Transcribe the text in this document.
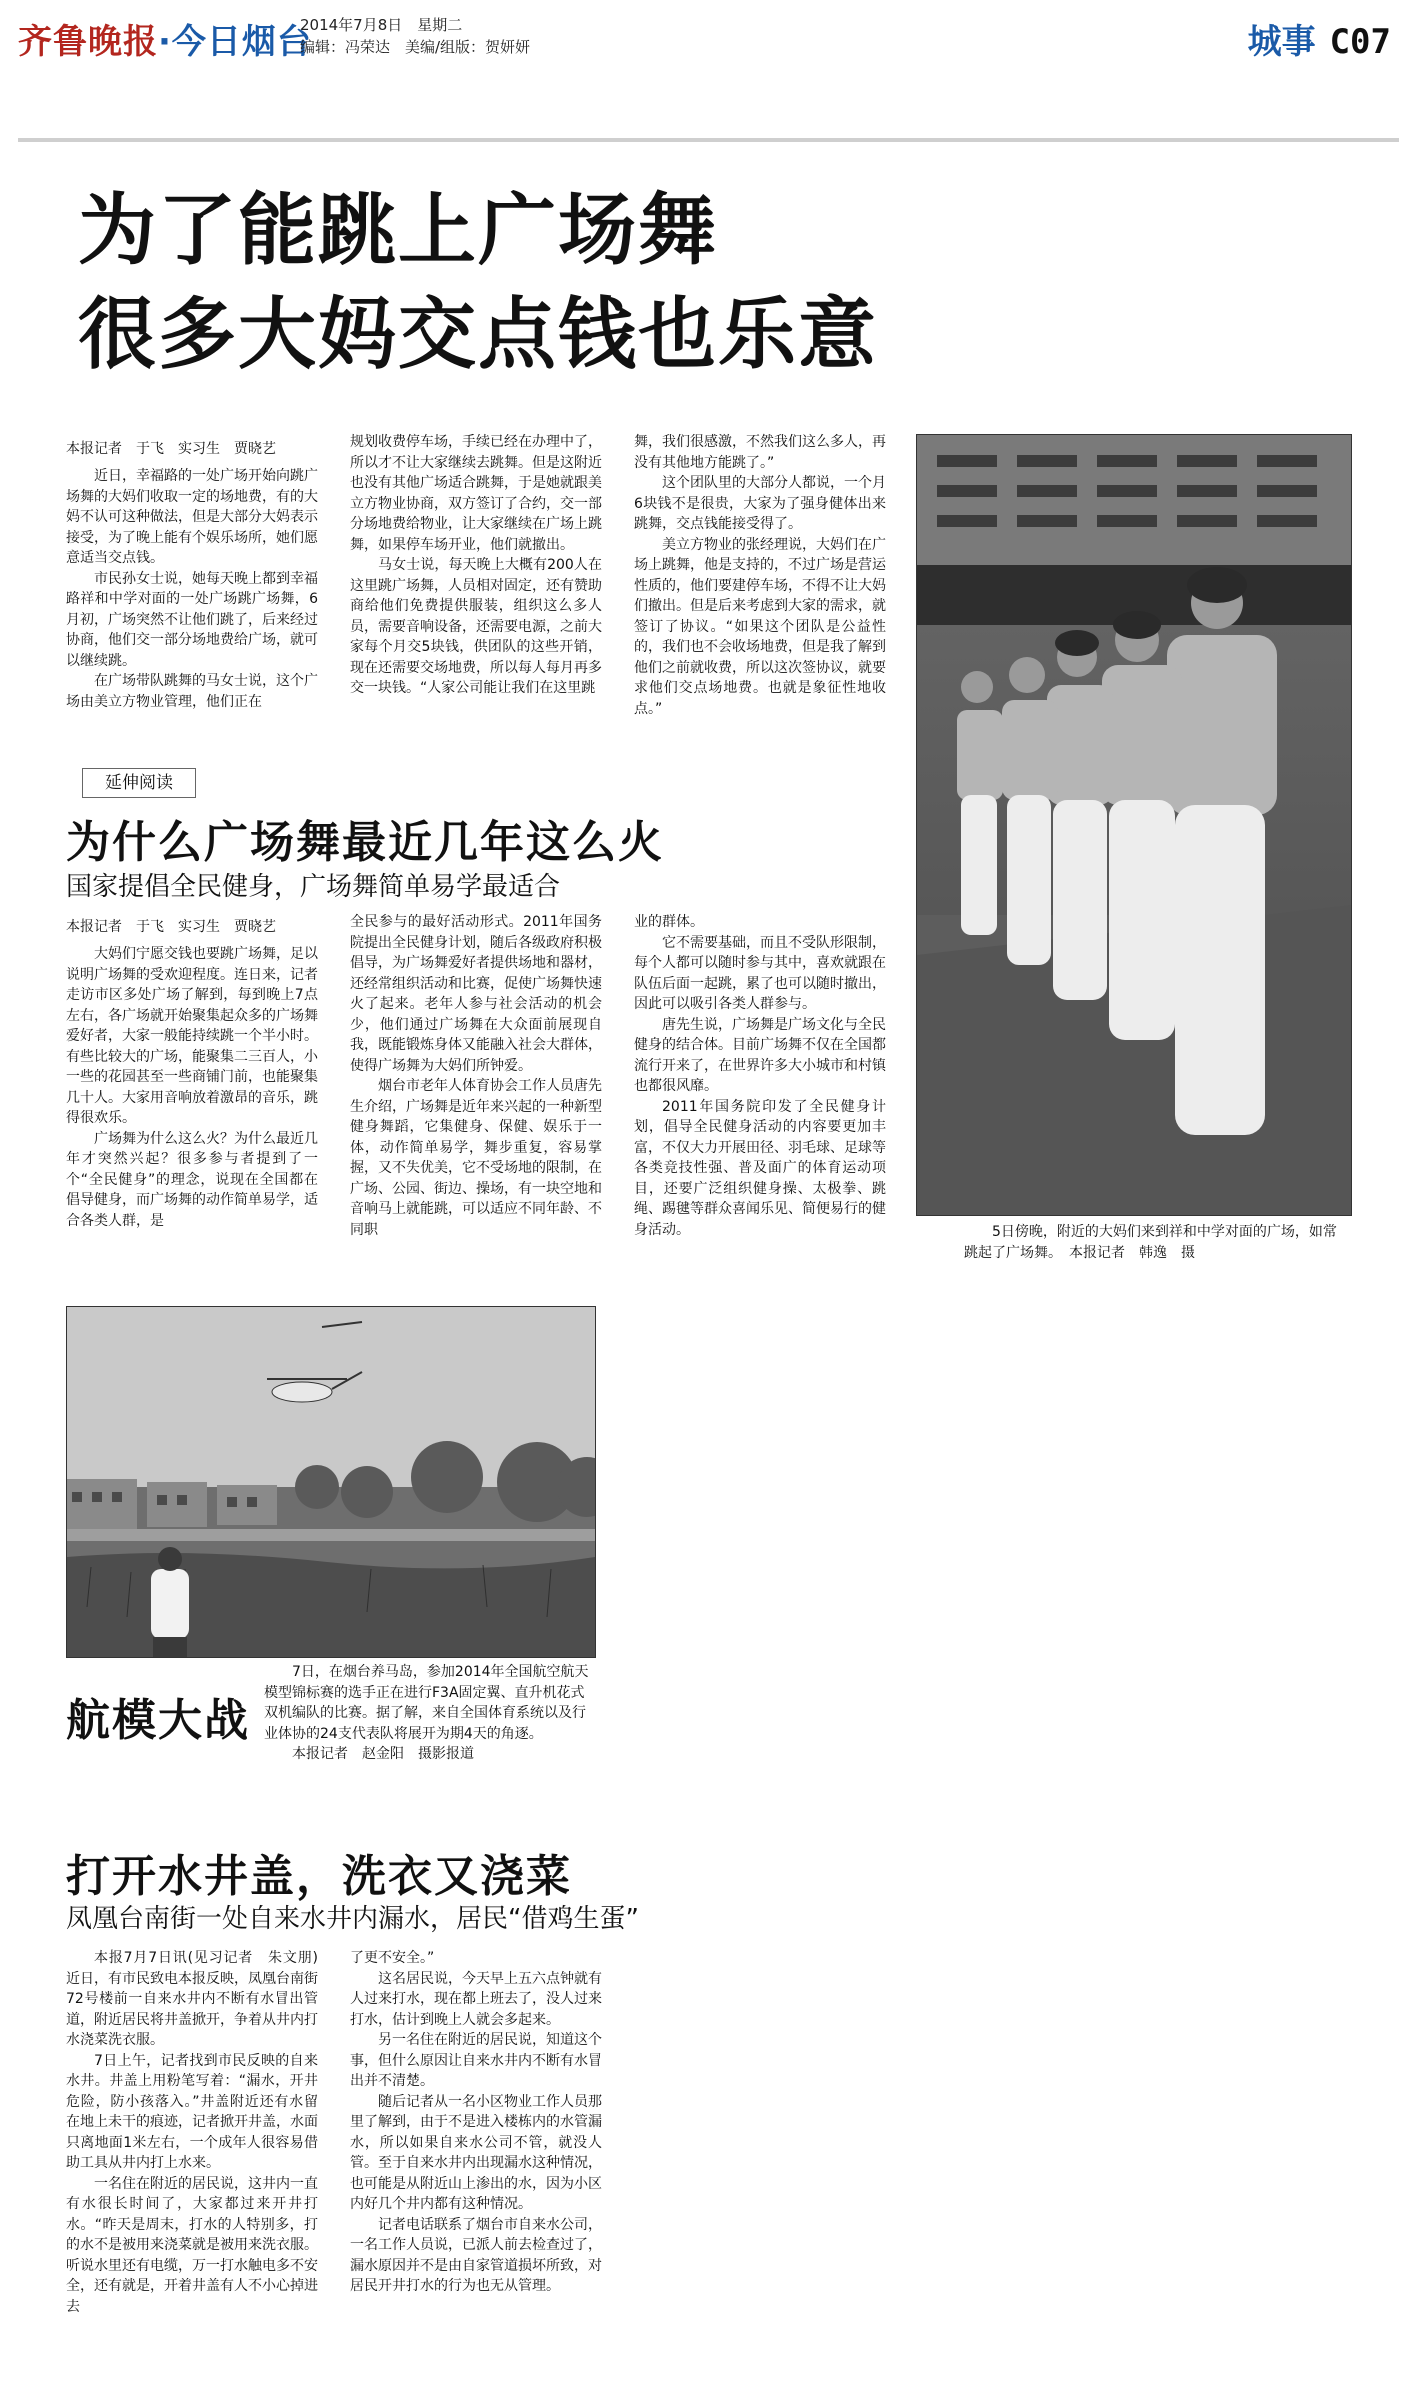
齐鲁晚报·今日烟台
2014年7月8日　星期二
编辑：冯荣达　美编/组版：贺妍妍	城事 C07
为了能跳上广场舞
很多大妈交点钱也乐意
本报记者　于飞　实习生　贾晓艺

近日，幸福路的一处广场开始向跳广场舞的大妈们收取一定的场地费，有的大妈不认可这种做法，但是大部分大妈表示接受，为了晚上能有个娱乐场所，她们愿意适当交点钱。

市民孙女士说，她每天晚上都到幸福路祥和中学对面的一处广场跳广场舞，6月初，广场突然不让他们跳了，后来经过协商，他们交一部分场地费给广场，就可以继续跳。

在广场带队跳舞的马女士说，这个广场由美立方物业管理，他们正在

规划收费停车场，手续已经在办理中了，所以才不让大家继续去跳舞。但是这附近也没有其他广场适合跳舞，于是她就跟美立方物业协商，双方签订了合约，交一部分场地费给物业，让大家继续在广场上跳舞，如果停车场开业，他们就撤出。

马女士说，每天晚上大概有200人在这里跳广场舞，人员相对固定，还有赞助商给他们免费提供服装，组织这么多人员，需要音响设备，还需要电源，之前大家每个月交5块钱，供团队的这些开销，现在还需要交场地费，所以每人每月再多交一块钱。“人家公司能让我们在这里跳

舞，我们很感激，不然我们这么多人，再没有其他地方能跳了。”

这个团队里的大部分人都说，一个月6块钱不是很贵，大家为了强身健体出来跳舞，交点钱能接受得了。

美立方物业的张经理说，大妈们在广场上跳舞，他是支持的，不过广场是营运性质的，他们要建停车场，不得不让大妈们撤出。但是后来考虑到大家的需求，就签订了协议。“如果这个团队是公益性的，我们也不会收场地费，但是我了解到他们之前就收费，所以这次签协议，就要求他们交点场地费。也就是象征性地收点。”

5日傍晚，附近的大妈们来到祥和中学对面的广场，如常跳起了广场舞。　本报记者　韩逸　摄

延伸阅读
为什么广场舞最近几年这么火
国家提倡全民健身，广场舞简单易学最适合
本报记者　于飞　实习生　贾晓艺

大妈们宁愿交钱也要跳广场舞，足以说明广场舞的受欢迎程度。连日来，记者走访市区多处广场了解到，每到晚上7点左右，各广场就开始聚集起众多的广场舞爱好者，大家一般能持续跳一个半小时。有些比较大的广场，能聚集二三百人，小一些的花园甚至一些商铺门前，也能聚集几十人。大家用音响放着激昂的音乐，跳得很欢乐。

广场舞为什么这么火？为什么最近几年才突然兴起？很多参与者提到了一个“全民健身”的理念，说现在全国都在倡导健身，而广场舞的动作简单易学，适合各类人群，是

全民参与的最好活动形式。2011年国务院提出全民健身计划，随后各级政府积极倡导，为广场舞爱好者提供场地和器材，还经常组织活动和比赛，促使广场舞快速火了起来。老年人参与社会活动的机会少，他们通过广场舞在大众面前展现自我，既能锻炼身体又能融入社会大群体，使得广场舞为大妈们所钟爱。

烟台市老年人体育协会工作人员唐先生介绍，广场舞是近年来兴起的一种新型健身舞蹈，它集健身、保健、娱乐于一体，动作简单易学，舞步重复，容易掌握，又不失优美，它不受场地的限制，在广场、公园、街边、操场，有一块空地和音响马上就能跳，可以适应不同年龄、不同职

业的群体。

它不需要基础，而且不受队形限制，每个人都可以随时参与其中，喜欢就跟在队伍后面一起跳，累了也可以随时撤出，因此可以吸引各类人群参与。

唐先生说，广场舞是广场文化与全民健身的结合体。目前广场舞不仅在全国都流行开来了，在世界许多大小城市和村镇也都很风靡。

2011年国务院印发了全民健身计划，倡导全民健身活动的内容要更加丰富，不仅大力开展田径、羽毛球、足球等各类竞技性强、普及面广的体育运动项目，还要广泛组织健身操、太极拳、跳绳、踢毽等群众喜闻乐见、简便易行的健身活动。

航模大战

7日，在烟台养马岛，参加2014年全国航空航天模型锦标赛的选手正在进行F3A固定翼、直升机花式双机编队的比赛。据了解，来自全国体育系统以及行业体协的24支代表队将展开为期4天的角逐。

本报记者　赵金阳　摄影报道

打开水井盖，洗衣又浇菜
凤凰台南街一处自来水井内漏水，居民“借鸡生蛋”

本报7月7日讯(见习记者　朱文朋)　近日，有市民致电本报反映，凤凰台南街72号楼前一自来水井内不断有水冒出管道，附近居民将井盖掀开，争着从井内打水浇菜洗衣服。

7日上午，记者找到市民反映的自来水井。井盖上用粉笔写着：“漏水，开井危险，防小孩落入。”井盖附近还有水留在地上未干的痕迹，记者掀开井盖，水面只离地面1米左右，一个成年人很容易借助工具从井内打上水来。

一名住在附近的居民说，这井内一直有水很长时间了，大家都过来开井打水。“昨天是周末，打水的人特别多，打的水不是被用来浇菜就是被用来洗衣服。听说水里还有电缆，万一打水触电多不安全，还有就是，开着井盖有人不小心掉进去

了更不安全。”

这名居民说，今天早上五六点钟就有人过来打水，现在都上班去了，没人过来打水，估计到晚上人就会多起来。

另一名住在附近的居民说，知道这个事，但什么原因让自来水井内不断有水冒出并不清楚。

随后记者从一名小区物业工作人员那里了解到，由于不是进入楼栋内的水管漏水，所以如果自来水公司不管，就没人管。至于自来水井内出现漏水这种情况，也可能是从附近山上渗出的水，因为小区内好几个井内都有这种情况。

记者电话联系了烟台市自来水公司，一名工作人员说，已派人前去检查过了，漏水原因并不是由自家管道损坏所致，对居民开井打水的行为也无从管理。
